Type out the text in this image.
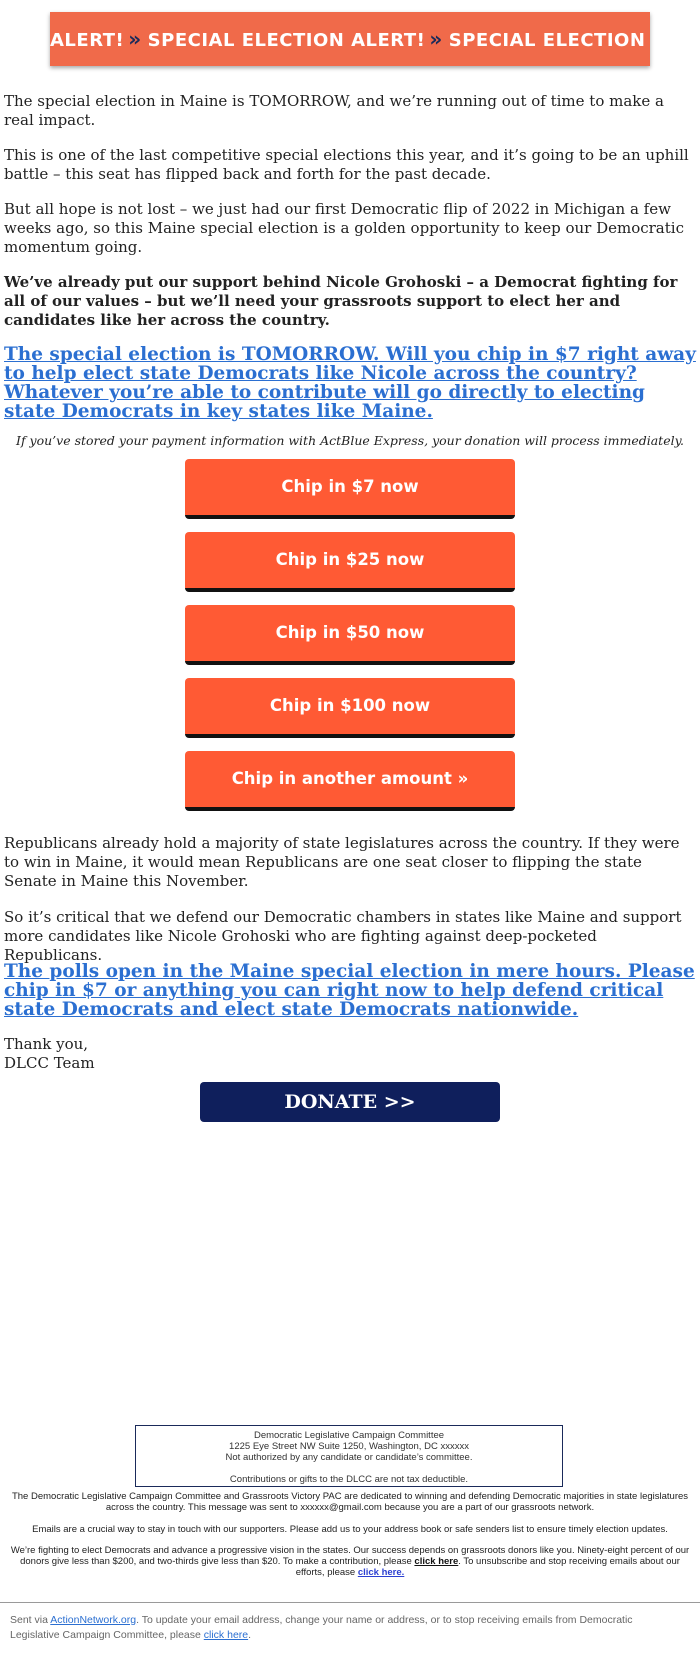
ALERT! » SPECIAL ELECTION ALERT! » SPECIAL ELECTION

The special election in Maine is TOMORROW, and we’re running out of time to make a real impact.

This is one of the last competitive special elections this year, and it’s going to be an uphill battle – this seat has flipped back and forth for the past decade.

But all hope is not lost – we just had our first Democratic flip of 2022 in Michigan a few weeks ago, so this Maine special election is a golden opportunity to keep our Democratic momentum going.

We’ve already put our support behind Nicole Grohoski – a Democrat fighting for all of our values – but we’ll need your grassroots support to elect her and candidates like her across the country.

The special election is TOMORROW. Will you chip in $7 right away to help elect state Democrats like Nicole across the country? Whatever you’re able to contribute will go directly to electing state Democrats in key states like Maine.

If you’ve stored your payment information with ActBlue Express, your donation will process immediately.
Chip in $7 now
Chip in $25 now
Chip in $50 now
Chip in $100 now
Chip in another amount »

Republicans already hold a majority of state legislatures across the country. If they were to win in Maine, it would mean Republicans are one seat closer to flipping the state Senate in Maine this November.

So it’s critical that we defend our Democratic chambers in states like Maine and support more candidates like Nicole Grohoski who are fighting against deep-pocketed Republicans.

The polls open in the Maine special election in mere hours. Please chip in $7 or anything you can right now to help defend critical state Democrats and elect state Democrats nationwide.

Thank you,
DLCC Team
DONATE >>
Democratic Legislative Campaign Committee
1225 Eye Street NW Suite 1250, Washington, DC xxxxxx
Not authorized by any candidate or candidate’s committee.
Contributions or gifts to the DLCC are not tax deductible.
The Democratic Legislative Campaign Committee and Grassroots Victory PAC are dedicated to winning and defending Democratic majorities in state legislatures across the country. This message was sent to xxxxxx@gmail.com because you are a part of our grassroots network.
Emails are a crucial way to stay in touch with our supporters. Please add us to your address book or safe senders list to ensure timely election updates.
We’re fighting to elect Democrats and advance a progressive vision in the states. Our success depends on grassroots donors like you. Ninety-eight percent of our donors give less than $200, and two-thirds give less than $20. To make a contribution, please click here. To unsubscribe and stop receiving emails about our efforts, please click here.
Sent via ActionNetwork.org. To update your email address, change your name or address, or to stop receiving emails from Democratic Legislative Campaign Committee, please click here.
